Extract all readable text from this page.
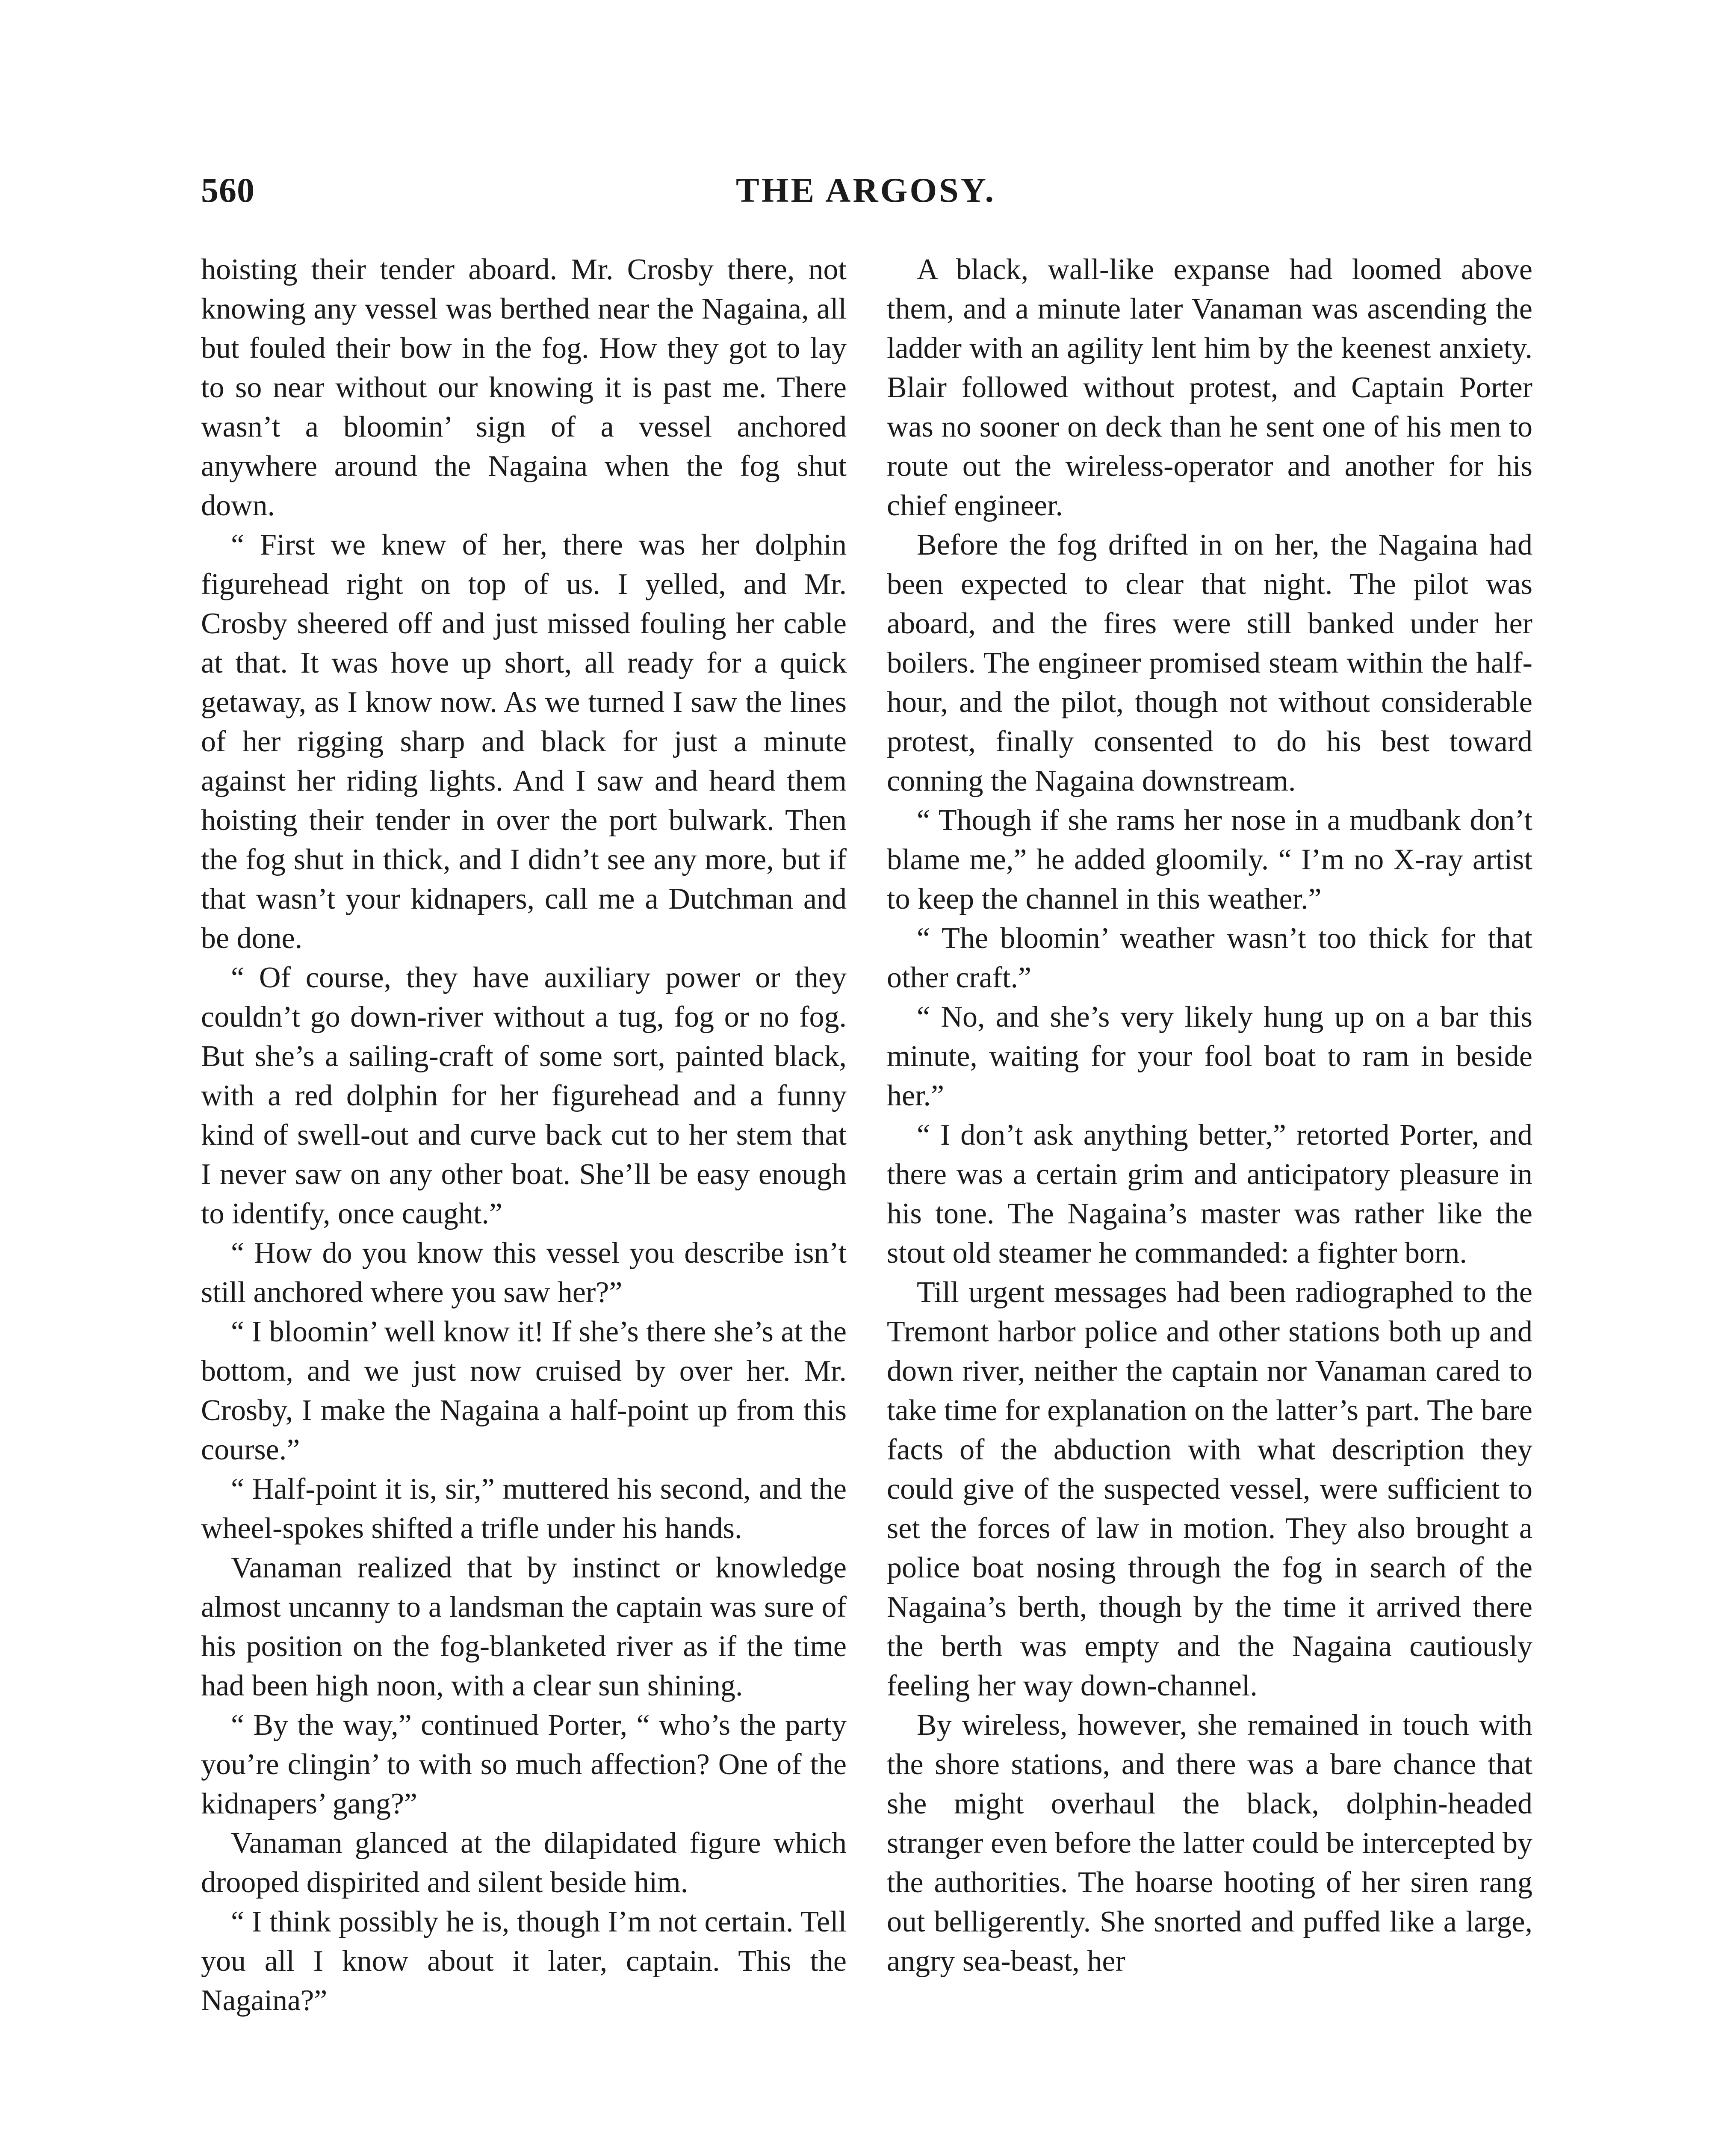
560	THE ARGOSY.

hoisting their tender aboard. Mr. Crosby there, not knowing any vessel was berthed near the Nagaina, all but fouled their bow in the fog. How they got to lay to so near without our knowing it is past me. There wasn’t a bloomin’ sign of a vessel anchored anywhere around the Nagaina when the fog shut down.

“ First we knew of her, there was her dolphin figurehead right on top of us. I yelled, and Mr. Crosby sheered off and just missed fouling her cable at that. It was hove up short, all ready for a quick getaway, as I know now. As we turned I saw the lines of her rigging sharp and black for just a minute against her riding lights. And I saw and heard them hoisting their tender in over the port bulwark. Then the fog shut in thick, and I didn’t see any more, but if that wasn’t your kidnapers, call me a Dutchman and be done.

“ Of course, they have auxiliary power or they couldn’t go down-river without a tug, fog or no fog. But she’s a sailing-craft of some sort, painted black, with a red dolphin for her figurehead and a funny kind of swell-out and curve back cut to her stem that I never saw on any other boat. She’ll be easy enough to identify, once caught.”

“ How do you know this vessel you describe isn’t still anchored where you saw her?”

“ I bloomin’ well know it! If she’s there she’s at the bottom, and we just now cruised by over her. Mr. Crosby, I make the Nagaina a half-point up from this course.”

“ Half-point it is, sir,” muttered his second, and the wheel-spokes shifted a trifle under his hands.

Vanaman realized that by instinct or knowledge almost uncanny to a landsman the captain was sure of his position on the fog-blanketed river as if the time had been high noon, with a clear sun shining.

“ By the way,” continued Porter, “ who’s the party you’re clingin’ to with so much affection? One of the kidnapers’ gang?”

Vanaman glanced at the dilapidated figure which drooped dispirited and silent beside him.

“ I think possibly he is, though I’m not certain. Tell you all I know about it later, captain. This the Nagaina?”

A black, wall-like expanse had loomed above them, and a minute later Vanaman was ascending the ladder with an agility lent him by the keenest anxiety. Blair followed without protest, and Captain Porter was no sooner on deck than he sent one of his men to route out the wireless-operator and another for his chief engineer.

Before the fog drifted in on her, the Nagaina had been expected to clear that night. The pilot was aboard, and the fires were still banked under her boilers. The engineer promised steam within the half-hour, and the pilot, though not without considerable protest, finally consented to do his best toward conning the Nagaina downstream.

“ Though if she rams her nose in a mudbank don’t blame me,” he added gloomily. “ I’m no X-ray artist to keep the channel in this weather.”

“ The bloomin’ weather wasn’t too thick for that other craft.”

“ No, and she’s very likely hung up on a bar this minute, waiting for your fool boat to ram in beside her.”

“ I don’t ask anything better,” retorted Porter, and there was a certain grim and anticipatory pleasure in his tone. The Nagaina’s master was rather like the stout old steamer he commanded: a fighter born.

Till urgent messages had been radiographed to the Tremont harbor police and other stations both up and down river, neither the captain nor Vanaman cared to take time for explanation on the latter’s part. The bare facts of the abduction with what description they could give of the suspected vessel, were sufficient to set the forces of law in motion. They also brought a police boat nosing through the fog in search of the Nagaina’s berth, though by the time it arrived there the berth was empty and the Nagaina cautiously feeling her way down-channel.

By wireless, however, she remained in touch with the shore stations, and there was a bare chance that she might overhaul the black, dolphin-headed stranger even before the latter could be intercepted by the authorities. The hoarse hooting of her siren rang out belligerently. She snorted and puffed like a large, angry sea-beast, her
